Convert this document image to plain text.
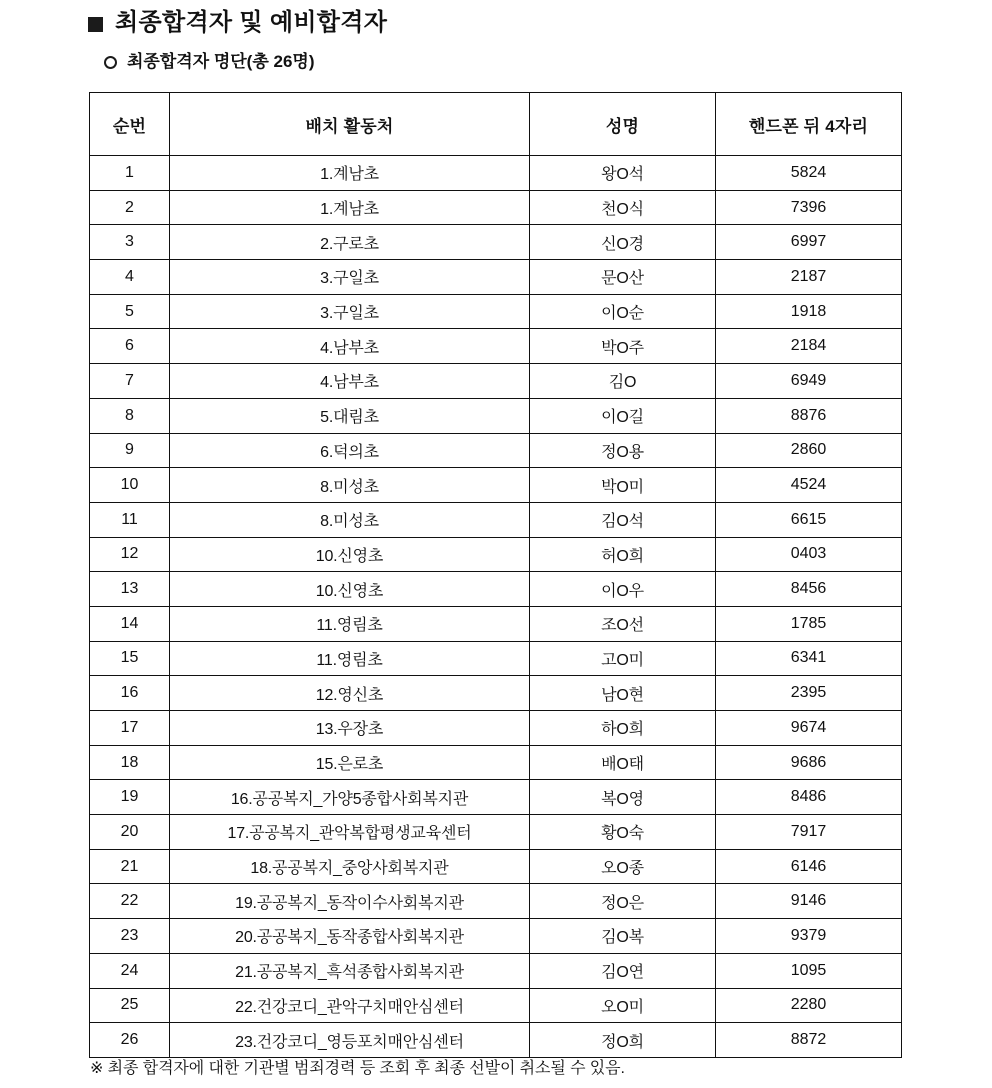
최종합격자 및 예비합격자
최종합격자 명단(총 26명)
순번	배치 활동처	성명	핸드폰 뒤 4자리
1	1.계남초	왕O석	5824
2	1.계남초	천O식	7396
3	2.구로초	신O경	6997
4	3.구일초	문O산	2187
5	3.구일초	이O순	1918
6	4.남부초	박O주	2184
7	4.남부초	김O	6949
8	5.대림초	이O길	8876
9	6.덕의초	정O용	2860
10	8.미성초	박O미	4524
11	8.미성초	김O석	6615
12	10.신영초	허O희	0403
13	10.신영초	이O우	8456
14	11.영림초	조O선	1785
15	11.영림초	고O미	6341
16	12.영신초	남O현	2395
17	13.우장초	하O희	9674
18	15.은로초	배O태	9686
19	16.공공복지_가양5종합사회복지관	복O영	8486
20	17.공공복지_관악복합평생교육센터	황O숙	7917
21	18.공공복지_중앙사회복지관	오O종	6146
22	19.공공복지_동작이수사회복지관	정O은	9146
23	20.공공복지_동작종합사회복지관	김O복	9379
24	21.공공복지_흑석종합사회복지관	김O연	1095
25	22.건강코디_관악구치매안심센터	오O미	2280
26	23.건강코디_영등포치매안심센터	정O희	8872
※ 최종 합격자에 대한 기관별 범죄경력 등 조회 후 최종 선발이 취소될 수 있음.
